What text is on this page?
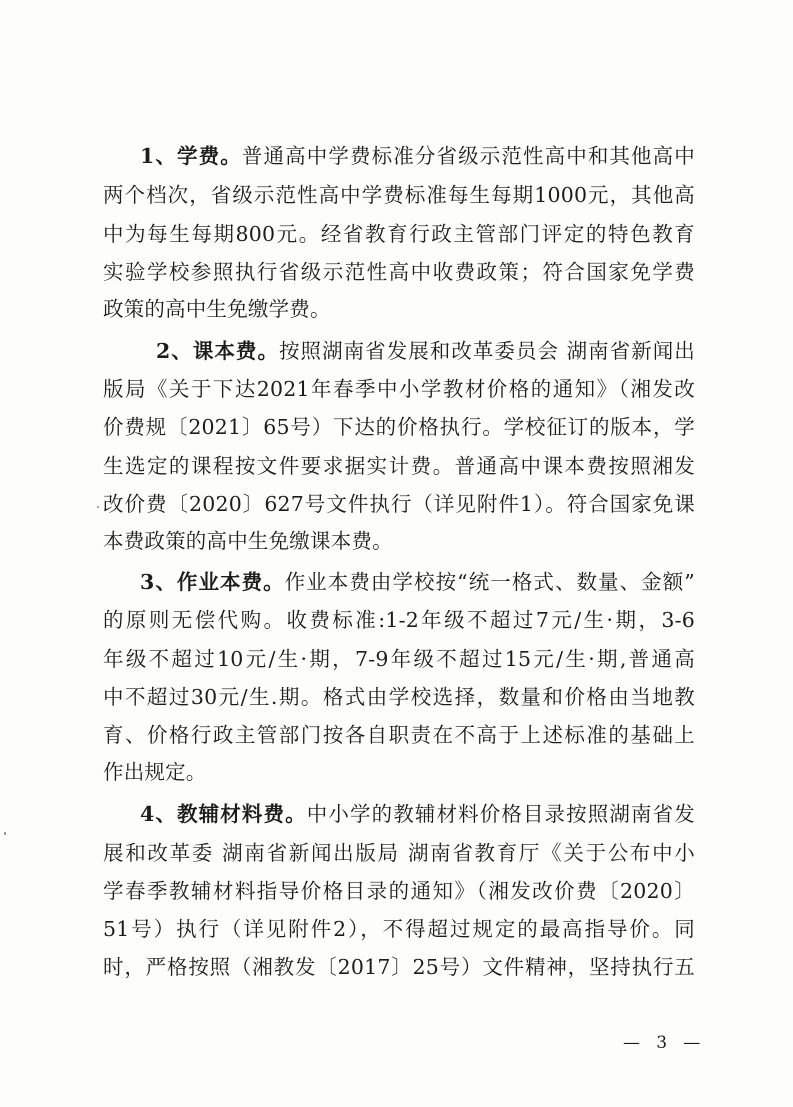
1、学费。普通高中学费标准分省级示范性高中和其他高中
两个档次，省级示范性高中学费标准每生每期1000元，其他高
中为每生每期800元。经省教育行政主管部门评定的特色教育
实验学校参照执行省级示范性高中收费政策；符合国家免学费
政策的高中生免缴学费。
2、课本费。按照湖南省发展和改革委员会 湖南省新闻出
版局《关于下达2021年春季中小学教材价格的通知》（湘发改
价费规〔2021〕65号）下达的价格执行。学校征订的版本，学
生选定的课程按文件要求据实计费。普通高中课本费按照湘发
改价费〔2020〕627号文件执行（详见附件1）。符合国家免课
本费政策的高中生免缴课本费。
3、作业本费。作业本费由学校按“统一格式、数量、金额”
的原则无偿代购。收费标准:1-2年级不超过7元/生·期，3-6
年级不超过10元/生·期，7-9年级不超过15元/生·期,普通高
中不超过30元/生.期。格式由学校选择，数量和价格由当地教
育、价格行政主管部门按各自职责在不高于上述标准的基础上
作出规定。
4、教辅材料费。中小学的教辅材料价格目录按照湖南省发
展和改革委 湖南省新闻出版局 湖南省教育厅《关于公布中小
学春季教辅材料指导价格目录的通知》（湘发改价费〔2020〕
51号）执行（详见附件2），不得超过规定的最高指导价。同
时，严格按照（湘教发〔2017〕25号）文件精神，坚持执行五
— 3 —
